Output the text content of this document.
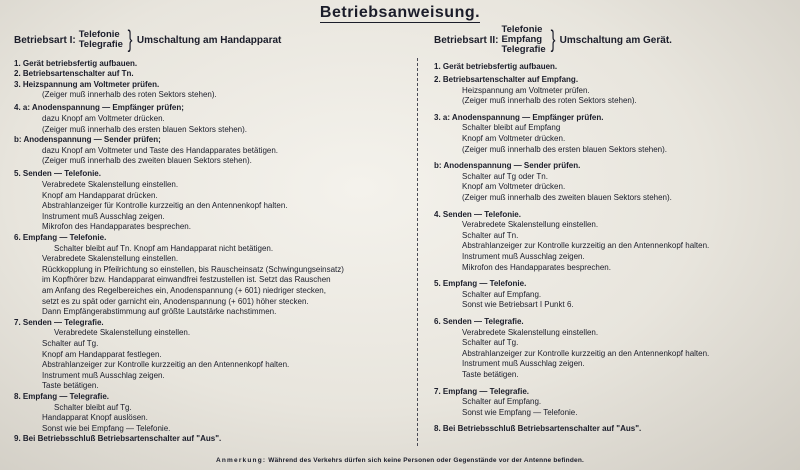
Betriebsanweisung.
Betriebsart I: Telefonie
Telegrafie } Umschaltung am Handapparat
1. Gerät betriebsfertig aufbauen.
2. Betriebsartenschalter auf Tn.
3. Heizspannung am Voltmeter prüfen.
(Zeiger muß innerhalb des roten Sektors stehen).
4. a: Anodenspannung — Empfänger prüfen;
dazu Knopf am Voltmeter drücken.
(Zeiger muß innerhalb des ersten blauen Sektors stehen).
b: Anodenspannung — Sender prüfen;
dazu Knopf am Voltmeter und Taste des Handapparates betätigen.
(Zeiger muß innerhalb des zweiten blauen Sektors stehen).
5. Senden — Telefonie.
Verabredete Skalenstellung einstellen.
Knopf am Handapparat drücken.
Abstrahlanzeiger für Kontrolle kurzzeitig an den Antennenkopf halten.
Instrument muß Ausschlag zeigen.
Mikrofon des Handapparates besprechen.
6. Empfang — Telefonie.
Schalter bleibt auf Tn. Knopf am Handapparat nicht betätigen.
Verabredete Skalenstellung einstellen.
Rückkopplung in Pfeilrichtung so einstellen, bis Rauscheinsatz (Schwingungseinsatz)
im Kopfhörer bzw. Handapparat einwandfrei festzustellen ist. Setzt das Rauschen
am Anfang des Regelbereiches ein, Anodenspannung (+ 601) niedriger stecken,
setzt es zu spät oder garnicht ein, Anodenspannung (+ 601) höher stecken.
Dann Empfängerabstimmung auf größte Lautstärke nachstimmen.
7. Senden — Telegrafie.
Verabredete Skalenstellung einstellen.
Schalter auf Tg.
Knopf am Handapparat festlegen.
Abstrahlanzeiger zur Kontrolle kurzzeitig an den Antennenkopf halten.
Instrument muß Ausschlag zeigen.
Taste betätigen.
8. Empfang — Telegrafie.
Schalter bleibt auf Tg.
Handapparat Knopf auslösen.
Sonst wie bei Empfang — Telefonie.
9. Bei Betriebsschluß Betriebsartenschalter auf "Aus".
Betriebsart II:
Telefonie
Empfang
Telegrafie } Umschaltung am Gerät.
1. Gerät betriebsfertig aufbauen.
2. Betriebsartenschalter auf Empfang.
Heizspannung am Voltmeter prüfen.
(Zeiger muß innerhalb des roten Sektors stehen).
3. a: Anodenspannung — Empfänger prüfen.
Schalter bleibt auf Empfang
Knopf am Voltmeter drücken.
(Zeiger muß innerhalb des ersten blauen Sektors stehen).
b: Anodenspannung — Sender prüfen.
Schalter auf Tg oder Tn.
Knopf am Voltmeter drücken.
(Zeiger muß innerhalb des zweiten blauen Sektors stehen).
4. Senden — Telefonie.
Verabredete Skalenstellung einstellen.
Schalter auf Tn.
Abstrahlanzeiger zur Kontrolle kurzzeitig an den Antennenkopf halten.
Instrument muß Ausschlag zeigen.
Mikrofon des Handapparates besprechen.
5. Empfang — Telefonie.
Schalter auf Empfang.
Sonst wie Betriebsart I Punkt 6.
6. Senden — Telegrafie.
Verabredete Skalenstellung einstellen.
Schalter auf Tg.
Abstrahlanzeiger zur Kontrolle kurzzeitig an den Antennenkopf halten.
Instrument muß Ausschlag zeigen.
Taste betätigen.
7. Empfang — Telegrafie.
Schalter auf Empfang.
Sonst wie Empfang — Telefonie.
8. Bei Betriebsschluß Betriebsartenschalter auf "Aus".
Anmerkung: Während des Verkehrs dürfen sich keine Personen oder Gegenstände vor der Antenne befinden.
